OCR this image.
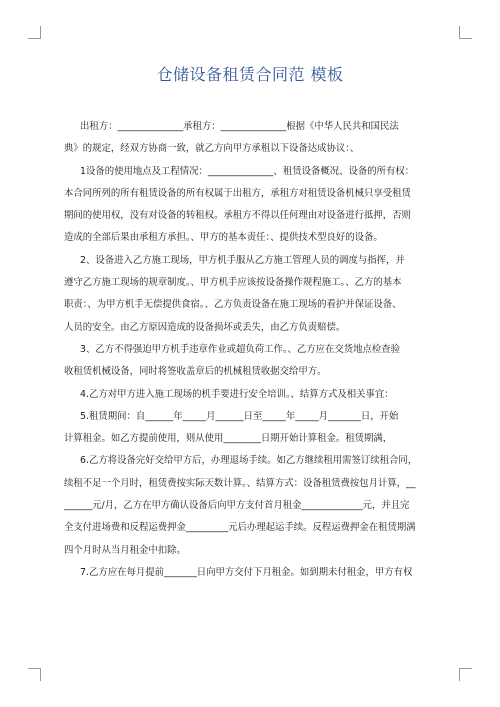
仓储设备租赁合同范 模板

出租方：______________承租方：______________根据《中华人民共和国民法

典》的规定，经双方协商一致，就乙方向甲方承租以下设备达成协议：、

1设备的使用地点及工程情况：______________、租赁设备概况、设备的所有权：

本合同所列的所有租赁设备的所有权属于出租方，承租方对租赁设备机械只享受租赁

期间的使用权，没有对设备的转租权。承租方不得以任何理由对设备进行抵押，否则

造成的全部后果由承租方承担。、甲方的基本责任：、提供技术型良好的设备。

2、设备进入乙方施工现场，甲方机手服从乙方施工管理人员的调度与指挥，并

遵守乙方施工现场的规章制度。、甲方机手应该按设备操作规程施工。、乙方的基本

职责：、为甲方机手无偿提供食宿。、乙方负责设备在施工现场的看护并保证设备、

人员的安全。由乙方原因造成的设备损坏或丢失，由乙方负责赔偿。

3、乙方不得强迫甲方机手违章作业或超负荷工作。、乙方应在交货地点检查验

收租赁机械设备，同时将签收盖章后的机械租赁收据交给甲方。

4.乙方对甲方进入施工现场的机手要进行安全培训。、结算方式及相关事宜：

5.租赁期间：自______年_____月______日至_____年_____月_______日，开始

计算租金。如乙方提前使用，则从使用________日期开始计算租金。租赁期满，

6.乙方将设备完好交给甲方后，办理退场手续。如乙方继续租用需签订续租合同，

续租不足一个月时，租赁费按实际天数计算。、结算方式：设备租赁费按包月计算，__

______元/月，乙方在甲方确认设备后向甲方支付首月租金_____________元，并且完

全支付进场费和反程运费押金_________元后办理起运手续。反程运费押金在租赁期满

四个月时从当月租金中扣除。

7.乙方应在每月提前_______日向甲方交付下月租金。如到期未付租金，甲方有权
